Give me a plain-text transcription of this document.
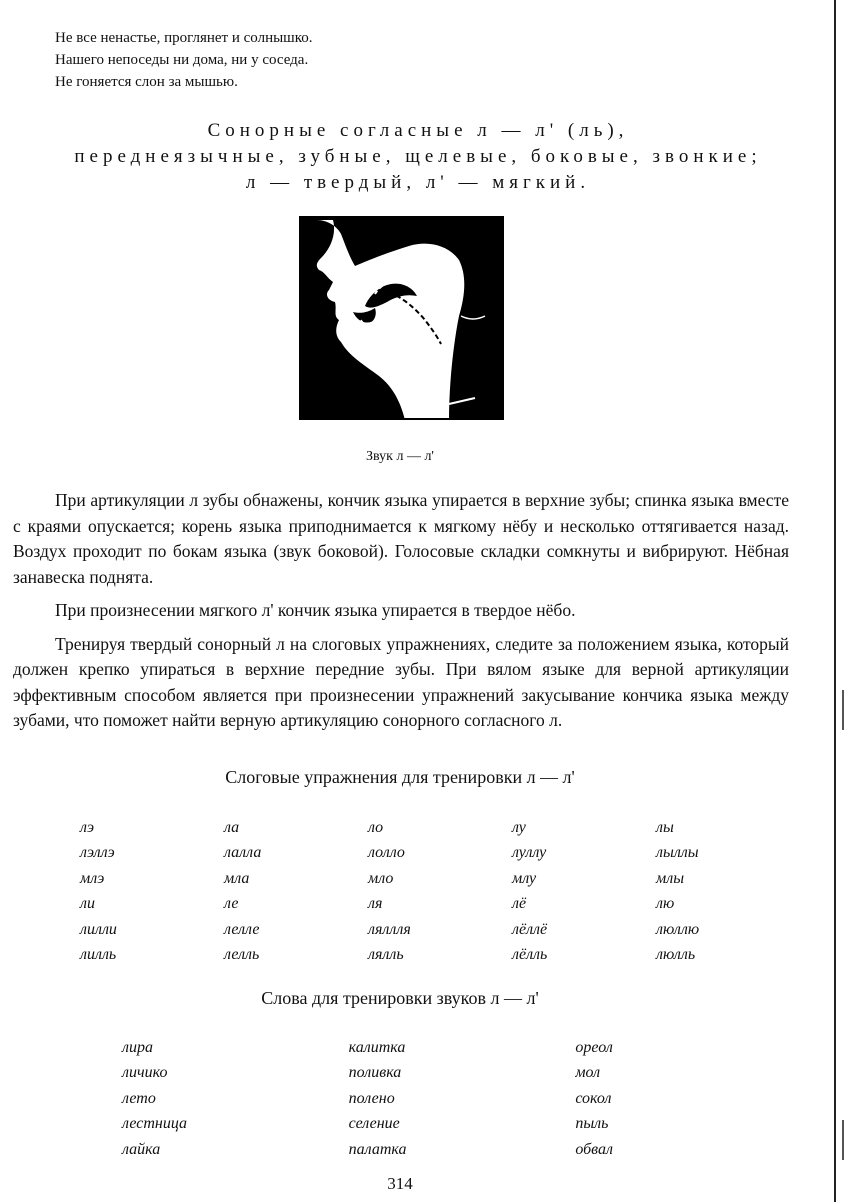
Не все ненастье, проглянет и солнышко.
Нашего непоседы ни дома, ни у соседа.
Не гоняется слон за мышью.
Сонорные согласные л — л' (ль),
переднеязычные, зубные, щелевые, боковые, звонкие;
л — твердый, л' — мягкий.
Звук л — л'

При артикуляции л зубы обнажены, кончик языка упирается в верхние зубы; спинка языка вместе с краями опускается; корень языка приподнимается к мягкому нёбу и несколько оттягивается назад. Воздух проходит по бокам языка (звук боковой). Голосовые складки сомкнуты и вибрируют. Нёбная занавеска поднята.

При произнесении мягкого л' кончик языка упирается в твердое нёбо.

Тренируя твердый сонорный л на слоговых упражнениях, следите за положением языка, который должен крепко упираться в верхние передние зубы. При вялом языке для верной артикуляции эффективным способом является при произнесении упражнений закусывание кончика языка между зубами, что поможет найти верную артикуляцию сонорного согласного л.

Слоговые упражнения для тренировки л — л'
лэ	ла	ло	лу	лы
лэллэ	лалла	лолло	луллу	лыллы
млэ	мла	мло	млу	млы
ли	ле	ля	лё	лю
лилли	лелле	ляллля	лёллё	люллю
лилль	лелль	лялль	лёлль	люлль
Слова для тренировки звуков л — л'
лира	калитка	ореол
личико	поливка	мол
лето	полено	сокол
лестница	селение	пыль
лайка	палатка	обвал
314
